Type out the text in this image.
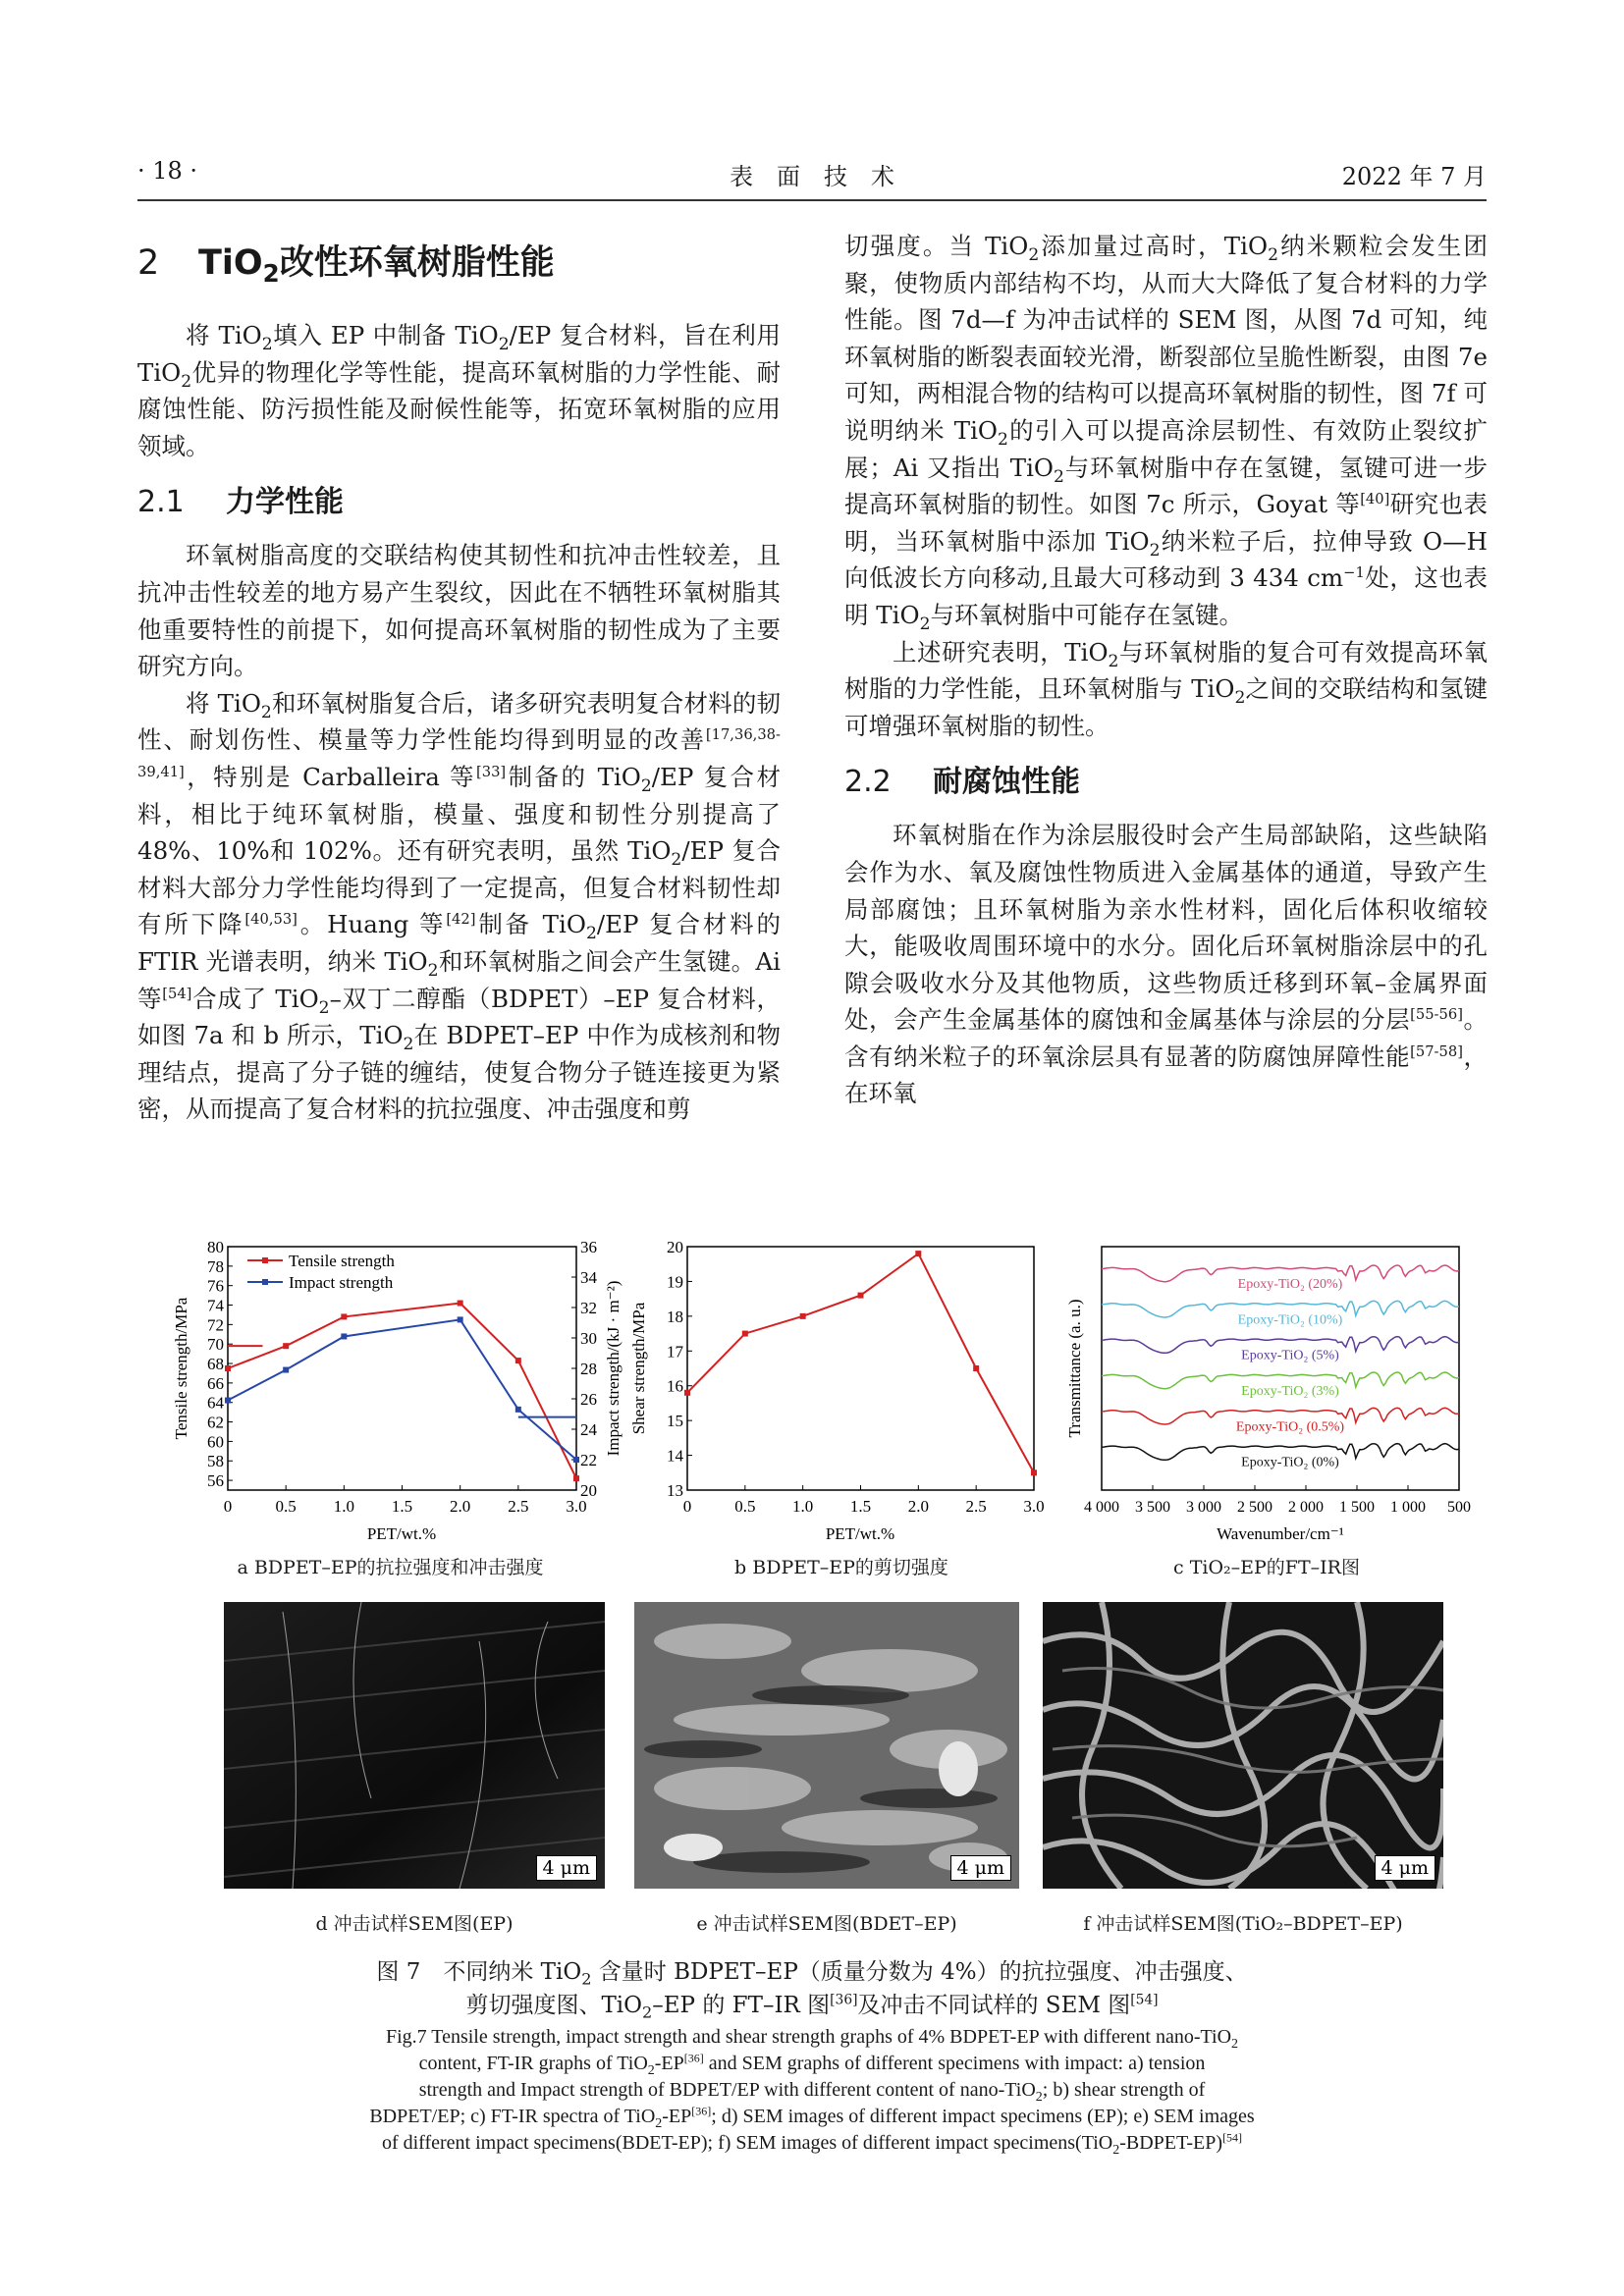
· 18 ·	表　面　技　术	2022 年 7 月
2 TiO$_2$改性环氧树脂性能

将 TiO$_2$填入 EP 中制备 TiO$_2$/EP 复合材料，旨在利用 TiO$_2$优异的物理化学等性能，提高环氧树脂的力学性能、耐腐蚀性能、防污损性能及耐候性能等，拓宽环氧树脂的应用领域。

2.1 力学性能

环氧树脂高度的交联结构使其韧性和抗冲击性较差，且抗冲击性较差的地方易产生裂纹，因此在不牺牲环氧树脂其他重要特性的前提下，如何提高环氧树脂的韧性成为了主要研究方向。

将 TiO$_2$和环氧树脂复合后，诸多研究表明复合材料的韧性、耐划伤性、模量等力学性能均得到明显的改善[17,36,38-39,41]，特别是 Carballeira 等[33]制备的 TiO$_2$/EP 复合材料，相比于纯环氧树脂，模量、强度和韧性分别提高了 48%、10%和 102%。还有研究表明，虽然 TiO$_2$/EP 复合材料大部分力学性能均得到了一定提高，但复合材料韧性却有所下降[40,53]。Huang 等[42]制备 TiO$_2$/EP 复合材料的 FTIR 光谱表明，纳米 TiO$_2$和环氧树脂之间会产生氢键。Ai 等[54]合成了 TiO$_2$–双丁二醇酯（BDPET）–EP 复合材料，如图 7a 和 b 所示，TiO$_2$在 BDPET–EP 中作为成核剂和物理结点，提高了分子链的缠结，使复合物分子链连接更为紧密，从而提高了复合材料的抗拉强度、冲击强度和剪

切强度。当 TiO$_2$添加量过高时，TiO$_2$纳米颗粒会发生团聚，使物质内部结构不均，从而大大降低了复合材料的力学性能。图 7d—f 为冲击试样的 SEM 图，从图 7d 可知，纯环氧树脂的断裂表面较光滑，断裂部位呈脆性断裂，由图 7e 可知，两相混合物的结构可以提高环氧树脂的韧性，图 7f 可说明纳米 TiO$_2$的引入可以提高涂层韧性、有效防止裂纹扩展；Ai 又指出 TiO$_2$与环氧树脂中存在氢键，氢键可进一步提高环氧树脂的韧性。如图 7c 所示，Goyat 等[40]研究也表明，当环氧树脂中添加 TiO$_2$纳米粒子后，拉伸导致 O—H 向低波长方向移动,且最大可移动到 3 434 $cm^{-1}$处，这也表明 TiO$_2$与环氧树脂中可能存在氢键。

上述研究表明，TiO$_2$与环氧树脂的复合可有效提高环氧树脂的力学性能，且环氧树脂与 TiO$_2$之间的交联结构和氢键可增强环氧树脂的韧性。

2.2 耐腐蚀性能

环氧树脂在作为涂层服役时会产生局部缺陷，这些缺陷会作为水、氧及腐蚀性物质进入金属基体的通道，导致产生局部腐蚀；且环氧树脂为亲水性材料，固化后体积收缩较大，能吸收周围环境中的水分。固化后环氧树脂涂层中的孔隙会吸收水分及其他物质，这些物质迁移到环氧–金属界面处，会产生金属基体的腐蚀和金属基体与涂层的分层[55-56]。含有纳米粒子的环氧涂层具有显著的防腐蚀屏障性能[57-58]，在环氧

0	0.5 1.0 1.5 2.0 2.5 3.0
56
58
60
62
64
66
68
70
72
74
76
78
80
20
22
24
26
28
30
32
34
36
Tensile strength
Impact strength
PET/wt.%
Tensile strength/MPa	Impact strength/(kJ · m⁻²)
0	0.5 1.0 1.5 2.0 2.5 3.0
13
14
15
16
17
18
19
20
PET/wt.%
Shear strength/MPa
4 000 3 500 3 000 2 500 2 000 1 500 1 000 500
Epoxy-TiO₂ (20%)
Epoxy-TiO₂ (10%)
Epoxy-TiO₂ (5%)
Epoxy-TiO₂ (3%)
Epoxy-TiO₂ (0.5%)
Epoxy-TiO₂ (0%)
Wavenumber/cm⁻¹
Transmittance (a. u.)
a BDPET–EP的抗拉强度和冲击强度	b BDPET–EP的剪切强度	c TiO₂–EP的FT–IR图
4 μm	4 μm	4 μm
d 冲击试样SEM图(EP)	e 冲击试样SEM图(BDET–EP)	f 冲击试样SEM图(TiO₂–BDPET–EP)
图 7　不同纳米 TiO$_2$ 含量时 BDPET–EP（质量分数为 4%）的抗拉强度、冲击强度、
剪切强度图、TiO$_2$–EP 的 FT–IR 图[36]及冲击不同试样的 SEM 图[54]
Fig.7 Tensile strength, impact strength and shear strength graphs of 4% BDPET-EP with different nano-TiO$_2$
content, FT-IR graphs of TiO$_2$-EP[36] and SEM graphs of different specimens with impact: a) tension
strength and Impact strength of BDPET/EP with different content of nano-TiO$_2$; b) shear strength of
BDPET/EP; c) FT-IR spectra of TiO$_2$-EP[36]; d) SEM images of different impact specimens (EP); e) SEM images
of different impact specimens(BDET-EP); f) SEM images of different impact specimens(TiO$_2$-BDPET-EP)[54]
